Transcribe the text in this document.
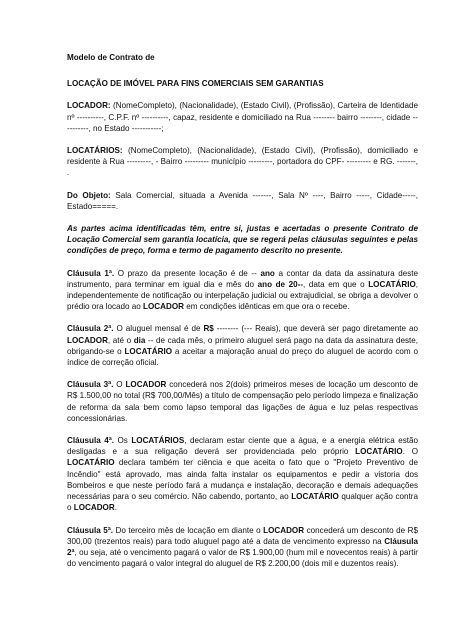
Modelo de Contrato de

LOCAÇÃO DE IMÓVEL PARA FINS COMERCIAIS SEM GARANTIAS

LOCADOR: (NomeCompleto), (Nacionalidade), (Estado Civil), (Profissão), Carteira de Identidade nº ----------, C.P.F. nº ----------, capaz, residente e domiciliado na Rua -------- bairro --------, cidade ----------, no Estado -----------;

LOCATÁRIOS: (NomeCompleto), (Nacionalidade), (Estado Civil), (Profissão), domiciliado e residente à Rua ---------, - Bairro --------- município ---------, portadora do CPF- --------- e RG. -------, .

Do Objeto: Sala Comercial, situada a Avenida -------, Sala Nº ----, Bairro -----, Cidade-----, Estado=====.

As partes acima identificadas têm, entre si, justas e acertadas o presente Contrato de Locação Comercial sem garantia locatícia, que se regerá pelas cláusulas seguintes e pelas condições de preço, forma e termo de pagamento descrito no presente.

Cláusula 1ª. O prazo da presente locação é de -- ano a contar da data da assinatura deste instrumento, para terminar em igual dia e mês do ano de 20--, data em que o LOCATÁRIO, independentemente de notificação ou interpelação judicial ou extrajudicial, se obriga a devolver o prédio ora locado ao LOCADOR em condições idênticas em que ora o recebe.

Cláusula 2ª. O aluguel mensal é de R$ -------- (--- Reais), que deverá ser pago diretamente ao LOCADOR, até o dia -- de cada mês, o primeiro aluguel será pago na data da assinatura deste, obrigando-se o LOCATÁRIO a aceitar a majoração anual do preço do aluguel de acordo com o índice de correção oficial.

Cláusula 3ª. O LOCADOR concederá nos 2(dois) primeiros meses de locação um desconto de R$ 1.500,00 no total (R$ 700,00/Mês) a título de compensação pelo período limpeza e finalização de reforma da sala bem como lapso temporal das ligações de água e luz pelas respectivas concessionárias.

Cláusula 4ª. Os LOCATÁRIOS, declaram estar ciente que a água, e a energia elétrica estão desligadas e a sua religação deverá ser providenciada pelo próprio LOCATÁRIO. O LOCATÁRIO declara também ter ciência e que aceita o fato que o "Projeto Preventivo de Incêndio" está aprovado, mas ainda falta instalar os equipamentos e pedir a vistoria dos Bombeiros e que neste período fará a mudança e instalação, decoração e demais adequações necessárias para o seu comércio. Não cabendo, portanto, ao LOCATÁRIO qualquer ação contra o LOCADOR.

Cláusula 5ª. Do terceiro mês de locação em diante o LOCADOR concederá um desconto de R$ 300,00 (trezentos reais) para todo aluguel pago até a data de vencimento expresso na Cláusula 2ª, ou seja, até o vencimento pagará o valor de R$ 1.900,00 (hum mil e novecentos reais) à partir do vencimento pagará o valor integral do aluguel de R$ 2.200,00 (dois mil e duzentos reais).
